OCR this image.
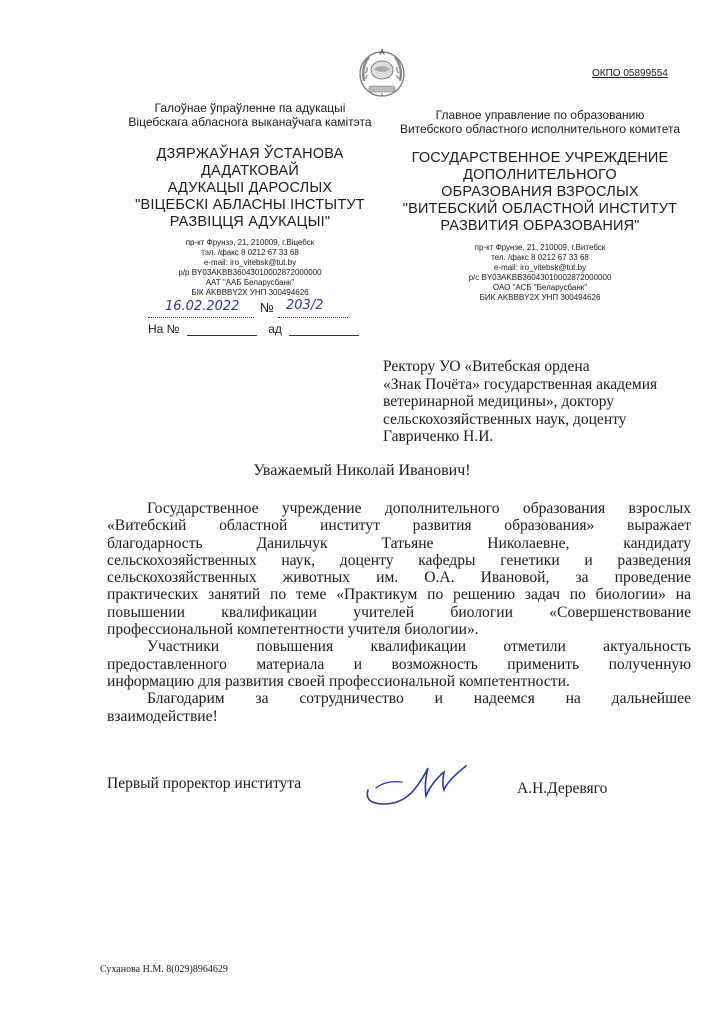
ОКПО 05899554
Галоўнае ўпраўленне па адукацыі
Віцебскага абласнога выканаўчага камітэта
ДЗЯРЖАЎНАЯ ЎСТАНОВА
ДАДАТКОВАЙ
АДУКАЦЫІ ДАРОСЛЫХ
"ВІЦЕБСКІ АБЛАСНЫ ІНСТЫТУТ
РАЗВІЦЦЯ АДУКАЦЫІ"
пр-кт Фрунзэ, 21, 210009, г.Віцебск
тэл. /факс 8 0212 67 33 68
e-mail: iro_vitebsk@tut.by
р/р BY03AKBB36043010002872000000
ААТ "ААБ Беларусбанк"
БІК AKBBBY2X УНП 300494626
Главное управление по образованию
Витебского областного исполнительного комитета
ГОСУДАРСТВЕННОЕ УЧРЕЖДЕНИЕ
ДОПОЛНИТЕЛЬНОГО
ОБРАЗОВАНИЯ ВЗРОСЛЫХ
"ВИТЕБСКИЙ ОБЛАСТНОЙ ИНСТИТУТ
РАЗВИТИЯ ОБРАЗОВАНИЯ"
пр-кт Фрунзе, 21, 210009, г.Витебск
тел. /факс 8 0212 67 33 68
e-mail: iro_vitebsk@tut.by
р/с BY03AKBB36043010002872000000
ОАО "АСБ "Беларусбанк"
БИК AKBBBY2X УНП 300494626
16.02.2022 № 203/2
На №	ад
Ректору УО «Витебская ордена
«Знак Почёта» государственная академия
ветеринарной медицины», доктору
сельскохозяйственных наук, доценту
Гавриченко Н.И.
Уважаемый Николай Иванович!

Государственное учреждение дополнительного образования взрослых
«Витебский областной институт развития образования» выражает
благодарность Данильчук Татьяне Николаевне, кандидату
сельскохозяйственных наук, доценту кафедры генетики и разведения
сельскохозяйственных животных им. О.А. Ивановой, за проведение
практических занятий по теме «Практикум по решению задач по биологии» на
повышении квалификации учителей биологии «Совершенствование
профессиональной компетентности учителя биологии».

Участники повышения квалификации отметили актуальность
предоставленного материала и возможность применить полученную
информацию для развития своей профессиональной компетентности.

Благодарим за сотрудничество и надеемся на дальнейшее
взаимодействие!

Первый проректор института	А.Н.Деревяго
Суханова Н.М. 8(029)8964629
